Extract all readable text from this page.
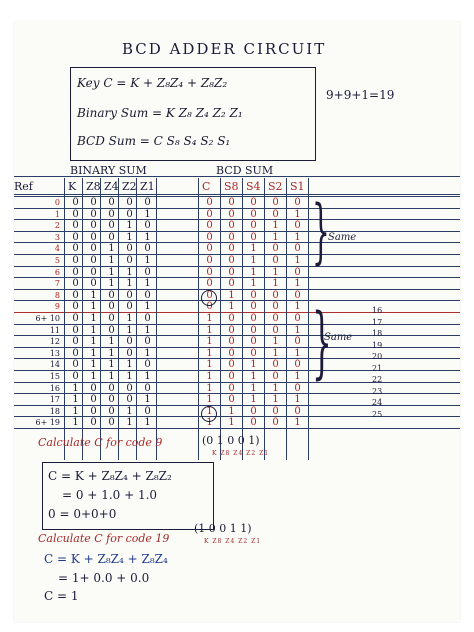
BCD ADDER CIRCUIT
Key C = K + Z₈Z₄ + Z₈Z₂
Binary Sum = K Z₈ Z₄ Z₂ Z₁
BCD Sum = C S₈ S₄ S₂ S₁
9+9+1=19
BINARY SUM	BCD SUM
Ref	K Z8 Z4 Z2 Z1	C S8 S4 S2 S1
0	0	0	0	0	0	0	0	0	0	0
1	0	0	0	0	1	0	0	0	0	1
2	0	0	0	1	0	0	0	0	1	0
3	0	0	0	1	1	0	0	0	1	1
4	0	0	1	0	0	0	0	1	0	0
5	0	0	1	0	1	0	0	1	0	1
6	0	0	1	1	0	0	0	1	1	0
7	0	0	1	1	1	0	0	1	1	1
8	0	1	0	0	0	0	1	0	0	0
9	0	1	0	0	1	0	1	0	0	1
6+ 10	0	1	0	1	0	1	0	0	0	0
11	0	1	0	1	1	1	0	0	0	1
12	0	1	1	0	0	1	0	0	1	0
13	0	1	1	0	1	1	0	0	1	1
14	0	1	1	1	0	1	0	1	0	0
15	0	1	1	1	1	1	0	1	0	1
16	1	0	0	0	0	1	0	1	1	0
17	1	0	0	0	1	1	0	1	1	1
18	1	0	0	1	0	1	1	0	0	0
6+ 19	1	0	0	1	1	1	1	0	0	1
16
17
18
19
20
21
22
23
24
25
}
Same
}
Same
Calculate C for code 9	(0 1 0 0 1)
K Z8 Z4 Z2 Z1
C = K + Z₈Z₄ + Z₈Z₂
= 0 + 1.0 + 1.0
0 = 0+0+0
Calculate C for code 19
(1 0 0 1 1)
K Z8 Z4 Z2 Z1
C = K + Z₈Z₄ + Z₈Z₄
= 1+ 0.0 + 0.0
C = 1
